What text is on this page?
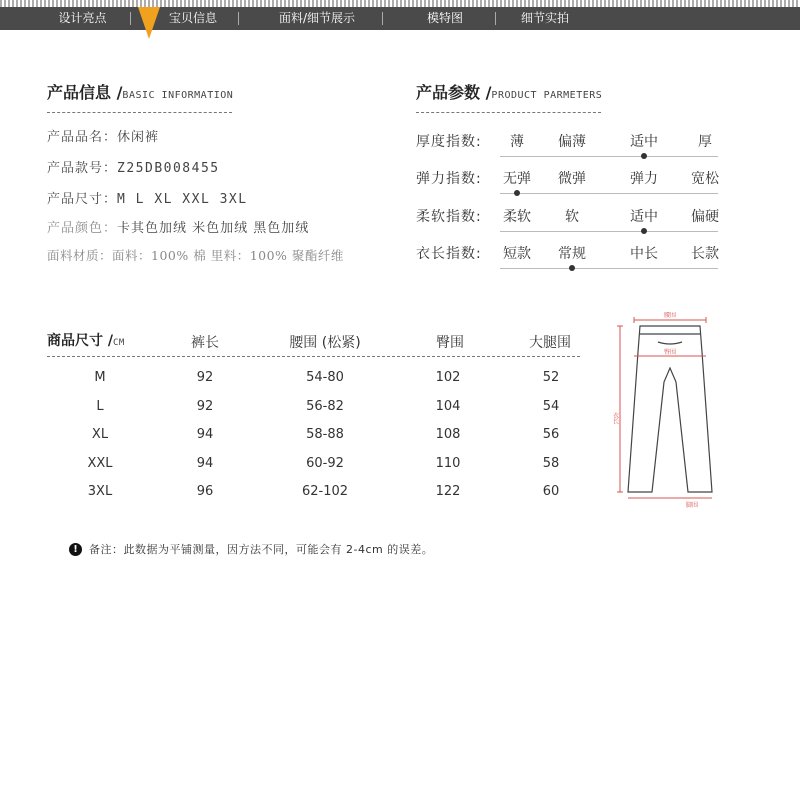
设计亮点	宝贝信息	面料/细节展示	模特图	细节实拍
产品信息 /BASIC INFORMATION
产品品名：休闲裤
产品款号：Z25DB008455
产品尺寸：M L XL XXL 3XL
产品颜色：卡其色加绒 米色加绒 黑色加绒
面料材质：面料：100% 棉 里料：100% 聚酯纤维
产品参数 /PRODUCT PARMETERS
厚度指数:	薄	偏薄	适中	厚
弹力指数:	无弹	微弹	弹力	宽松
柔软指数:	柔软	软	适中	偏硬
衣长指数:	短款	常规	中长	长款
商品尺寸 /CM	裤长	腰围 (松紧)	臀围	大腿围
M	92	54-80	102	52
L	92	56-82	104	54
XL	94	58-88	108	56
XXL	94	60-92	110	58
3XL	96	62-102	122	60
腰围
臀围
衣长
脚围
!	备注：此数据为平铺测量，因方法不同，可能会有 2-4cm 的误差。
